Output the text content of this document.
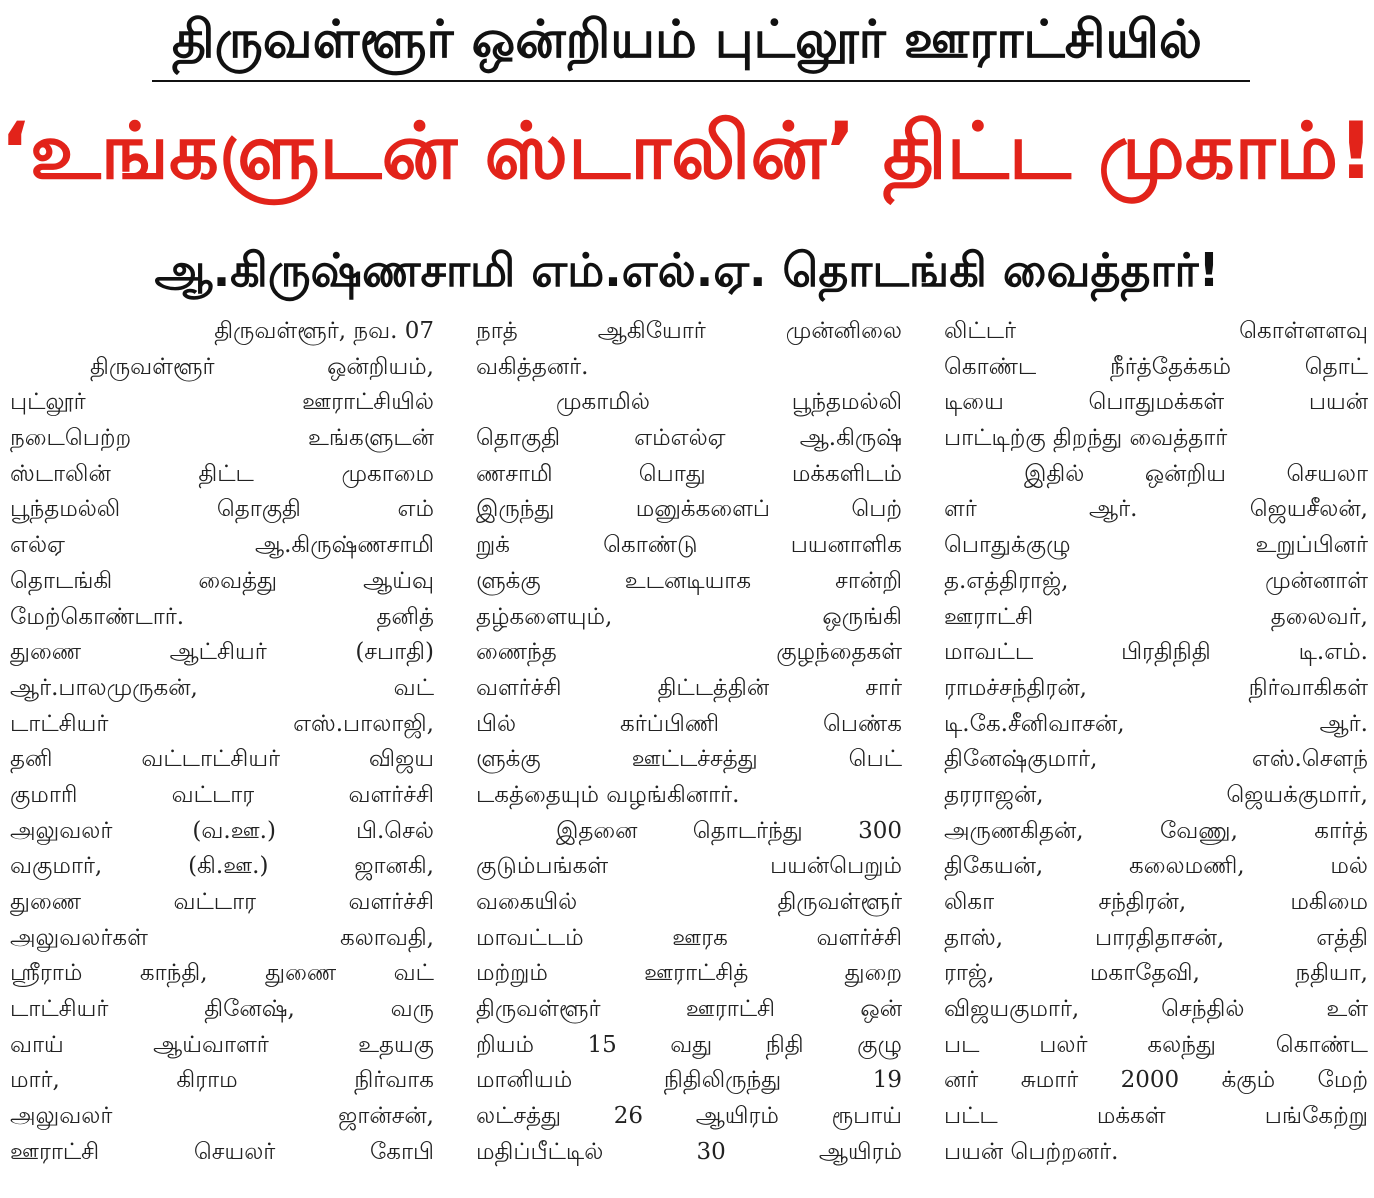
திருவள்ளூர் ஒன்றியம் புட்லூர் ஊராட்சியில்
‘உங்களுடன் ஸ்டாலின்’ திட்ட முகாம்!
ஆ.கிருஷ்ணசாமி எம்.எல்.ஏ. தொடங்கி வைத்தார்!
திருவள்ளூர், நவ. 07
திருவள்ளூர் ஒன்றியம்,
புட்லூர் ஊராட்சியில்
நடைபெற்ற உங்களுடன்
ஸ்டாலின் திட்ட முகாமை
பூந்தமல்லி தொகுதி எம்
எல்ஏ ஆ.கிருஷ்ணசாமி
தொடங்கி வைத்து ஆய்வு
மேற்கொண்டார். தனித்
துணை ஆட்சியர் (சபாதி)
ஆர்.பாலமுருகன், வட்
டாட்சியர் எஸ்.பாலாஜி,
தனி வட்டாட்சியர் விஜய
குமாரி வட்டார வளர்ச்சி
அலுவலர் (வ.ஊ.) பி.செல்
வகுமார், (கி.ஊ.) ஜானகி,
துணை வட்டார வளர்ச்சி
அலுவலர்கள் கலாவதி,
ஸ்ரீராம் காந்தி, துணை வட்
டாட்சியர் தினேஷ், வரு
வாய் ஆய்வாளர் உதயகு
மார், கிராம நிர்வாக
அலுவலர் ஜான்சன்,
ஊராட்சி செயலர் கோபி
நாத் ஆகியோர் முன்னிலை
வகித்தனர்.
முகாமில் பூந்தமல்லி
தொகுதி எம்எல்ஏ ஆ.கிருஷ்
ணசாமி பொது மக்களிடம்
இருந்து மனுக்களைப் பெற்
றுக் கொண்டு பயனாளிக
ளுக்கு உடனடியாக சான்றி
தழ்களையும், ஒருங்கி
ணைந்த குழந்தைகள்
வளர்ச்சி திட்டத்தின் சார்
பில் கர்ப்பிணி பெண்க
ளுக்கு ஊட்டச்சத்து பெட்
டகத்தையும் வழங்கினார்.
இதனை தொடர்ந்து 300
குடும்பங்கள் பயன்பெறும்
வகையில் திருவள்ளூர்
மாவட்டம் ஊரக வளர்ச்சி
மற்றும் ஊராட்சித் துறை
திருவள்ளூர் ஊராட்சி ஒன்
றியம் 15 வது நிதி குழு
மானியம் நிதிலிருந்து 19
லட்சத்து 26 ஆயிரம் ரூபாய்
மதிப்பீட்டில் 30 ஆயிரம்
லிட்டர் கொள்ளளவு
கொண்ட நீர்த்தேக்கம் தொட்
டியை பொதுமக்கள் பயன்
பாட்டிற்கு திறந்து வைத்தார்
இதில் ஒன்றிய செயலா
ளர் ஆர். ஜெயசீலன்,
பொதுக்குழு உறுப்பினர்
த.எத்திராஜ், முன்னாள்
ஊராட்சி தலைவர்,
மாவட்ட பிரதிநிதி டி.எம்.
ராமச்சந்திரன், நிர்வாகிகள்
டி.கே.சீனிவாசன், ஆர்.
தினேஷ்குமார், எஸ்.சௌந்
தரராஜன், ஜெயக்குமார்,
அருணகிதன், வேணு, கார்த்
திகேயன், கலைமணி, மல்
லிகா சந்திரன், மகிமை
தாஸ், பாரதிதாசன், எத்தி
ராஜ், மகாதேவி, நதியா,
விஜயகுமார், செந்தில் உள்
பட பலர் கலந்து கொண்ட
னர் சுமார் 2000 க்கும் மேற்
பட்ட மக்கள் பங்கேற்று
பயன் பெற்றனர்.
